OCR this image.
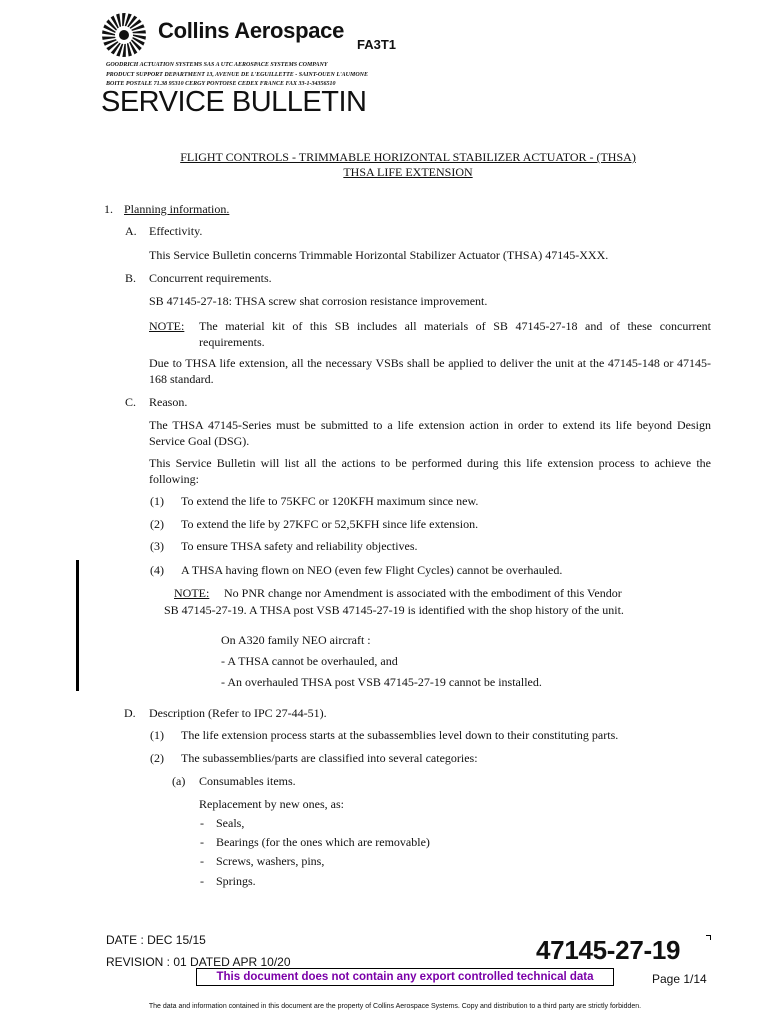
Collins Aerospace
FA3T1
GOODRICH ACTUATION SYSTEMS SAS A UTC AEROSPACE SYSTEMS COMPANY
PRODUCT SUPPORT DEPARTMENT 13, AVENUE DE L'EGUILLETTE - SAINT-OUEN L'AUMONE
BOITE POSTALE 71.38 95310 CERGY PONTOISE CEDEX FRANCE FAX 33-1-34356510
SERVICE BULLETIN
FLIGHT CONTROLS - TRIMMABLE HORIZONTAL STABILIZER ACTUATOR - (THSA)
THSA LIFE EXTENSION
1. Planning information.
A. Effectivity.
This Service Bulletin concerns Trimmable Horizontal Stabilizer Actuator (THSA) 47145-XXX.
B. Concurrent requirements.
SB 47145-27-18: THSA screw shat corrosion resistance improvement.
NOTE: The material kit of this SB includes all materials of SB 47145-27-18 and of these concurrent requirements.
Due to THSA life extension, all the necessary VSBs shall be applied to deliver the unit at the 47145-148 or 47145-168 standard.
C. Reason.
The THSA 47145-Series must be submitted to a life extension action in order to extend its life beyond Design Service Goal (DSG).
This Service Bulletin will list all the actions to be performed during this life extension process to achieve the following:
(1) To extend the life to 75KFC or 120KFH maximum since new.
(2) To extend the life by 27KFC or 52,5KFH since life extension.
(3) To ensure THSA safety and reliability objectives.
(4) A THSA having flown on NEO (even few Flight Cycles) cannot be overhauled.
NOTE: No PNR change nor Amendment is associated with the embodiment of this Vendor
SB 47145-27-19. A THSA post VSB 47145-27-19 is identified with the shop history of the unit.
On A320 family NEO aircraft :
- A THSA cannot be overhauled, and
- An overhauled THSA post VSB 47145-27-19 cannot be installed.
D. Description (Refer to IPC 27-44-51).
(1) The life extension process starts at the subassemblies level down to their constituting parts.
(2) The subassemblies/parts are classified into several categories:
(a) Consumables items.
Replacement by new ones, as:
- Seals,
- Bearings (for the ones which are removable)
- Screws, washers, pins,
- Springs.
DATE : DEC 15/15
REVISION : 01 DATED APR 10/20	47145-27-19
This document does not contain any export controlled technical data	Page 1/14
The data and information contained in this document are the property of Collins Aerospace Systems. Copy and distribution to a third party are strictly forbidden.
